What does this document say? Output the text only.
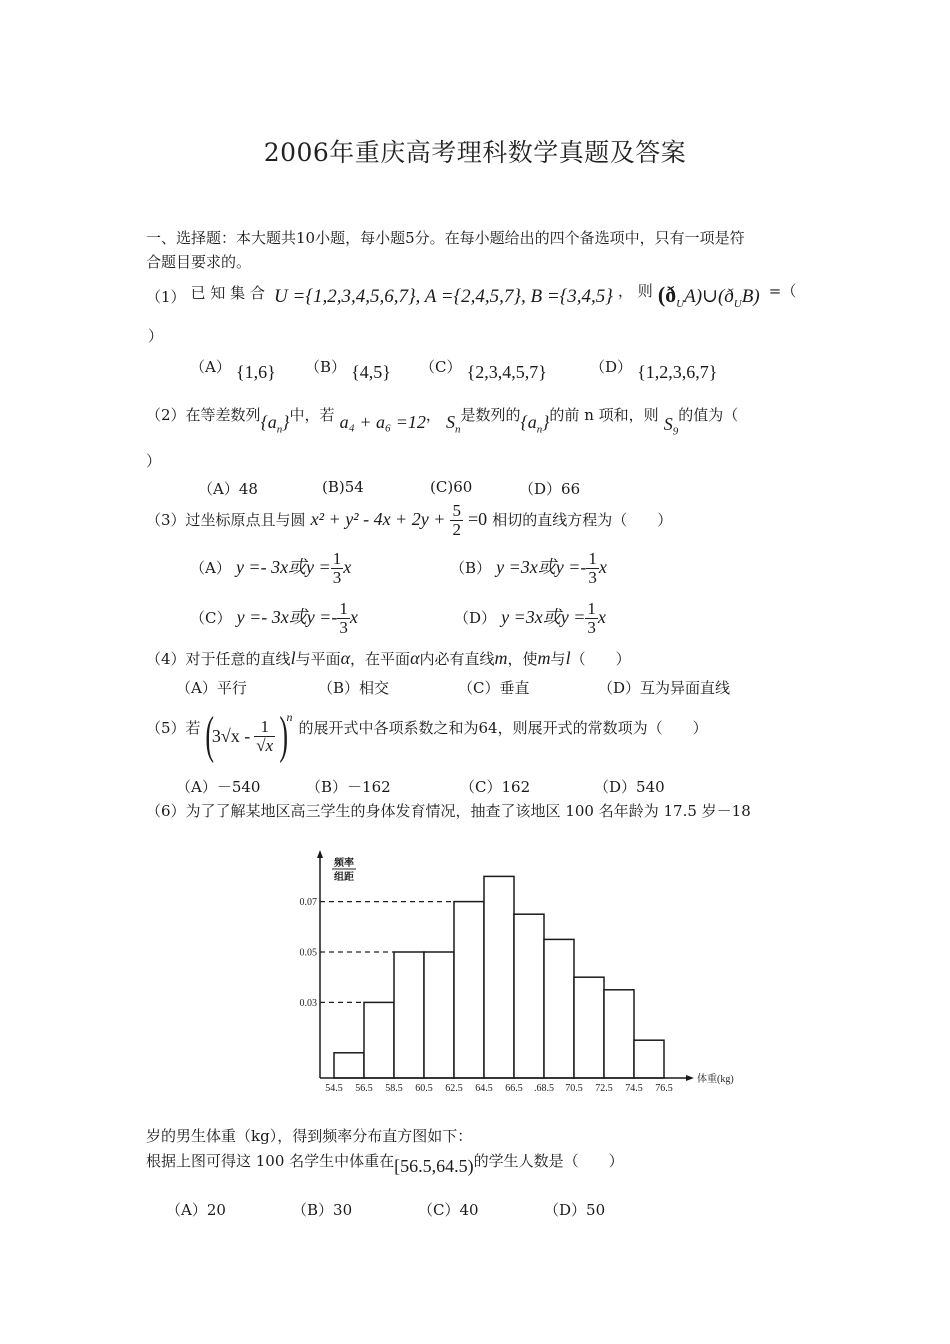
2006年重庆高考理科数学真题及答案
一、选择题：本大题共10小题，每小题5分。在每小题给出的四个备选项中，只有一项是符
合题目要求的。
（1） 已 知 集 合 U ={1,2,3,4,5,6,7}, A ={2,4,5,7}, B ={3,4,5} ， 则 $(ð_UA)\cup(ð_UB)$ =（
）
（A） {1,6} （B） {4,5} （C） {2,3,4,5,7}	（D） {1,2,3,6,7}
（2）在等差数列$\{a_n\}$中，若 a₄ + a₆ =12， $S_n$是数列的$\{a_n\}$的前 n 项和，则 $S_9$的值为（
）
（A）48	(B)54	(C)60	（D）66
（3）过坐标原点且与圆 $x^2 + y^2 - 4x + 2y + \frac{5}{2} =0$ 相切的直线方程为（　　）
（A） y =- 3x或$y = \frac{1}{3}$ x	（B） y =3x或$y =- \frac{1}{3}$ x
（C） y =- 3x或$y =- \frac{1}{3}$ x	（D） y =3x或$y = \frac{1}{3}$ x
（4）对于任意的直线l与平面α，在平面α内必有直线m，使m与l（　　）
（A）平行	（B）相交	（C）垂直	（D）互为异面直线
（5） 若 (
$3√x - \frac{1}{√x}$ )
n
的展开式中各项系数之和为64，则展开式的常数项为（　　）
（A）－540	（B）－162	（C）162	（D）540
（6）为了了解某地区高三学生的身体发育情况，抽查了该地区 100 名年龄为 17.5 岁－18
0.03
0.05
0.07
54.5 56.5 58.5 60.5 62.5 64.5 66.5 .68.5 70.5 72.5 74.5 76.5
频率
组距
体重(kg)
岁的男生体重（kg），得到频率分布直方图如下：
根据上图可得这 100 名学生中体重在[56.5,64.5)的学生人数是（　　）
（A）20	（B）30	（C）40	（D）50
